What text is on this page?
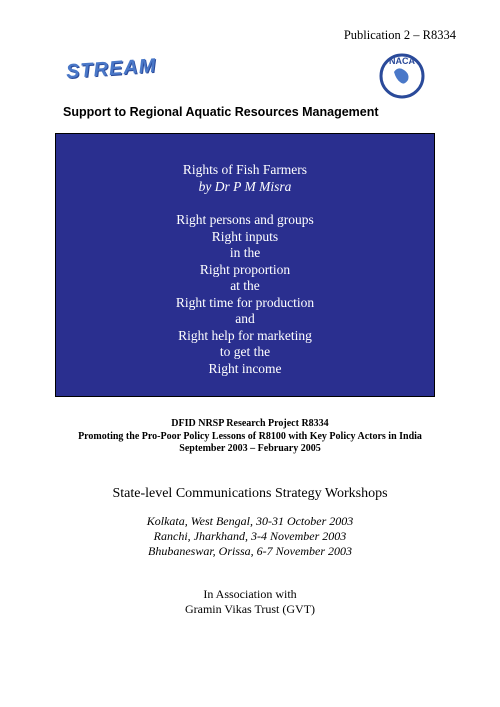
Publication 2 – R8334
STREAM	NACA
Support to Regional Aquatic Resources Management
Rights of Fish Farmers
by Dr P M Misra
Right persons and groups
Right inputs
in the
Right proportion
at the
Right time for production
and
Right help for marketing
to get the
Right income
DFID NRSP Research Project R8334
Promoting the Pro-Poor Policy Lessons of R8100 with Key Policy Actors in India
September 2003 – February 2005
State-level Communications Strategy Workshops
Kolkata, West Bengal, 30-31 October 2003
Ranchi, Jharkhand, 3-4 November 2003
Bhubaneswar, Orissa, 6-7 November 2003
In Association with
Gramin Vikas Trust (GVT)
